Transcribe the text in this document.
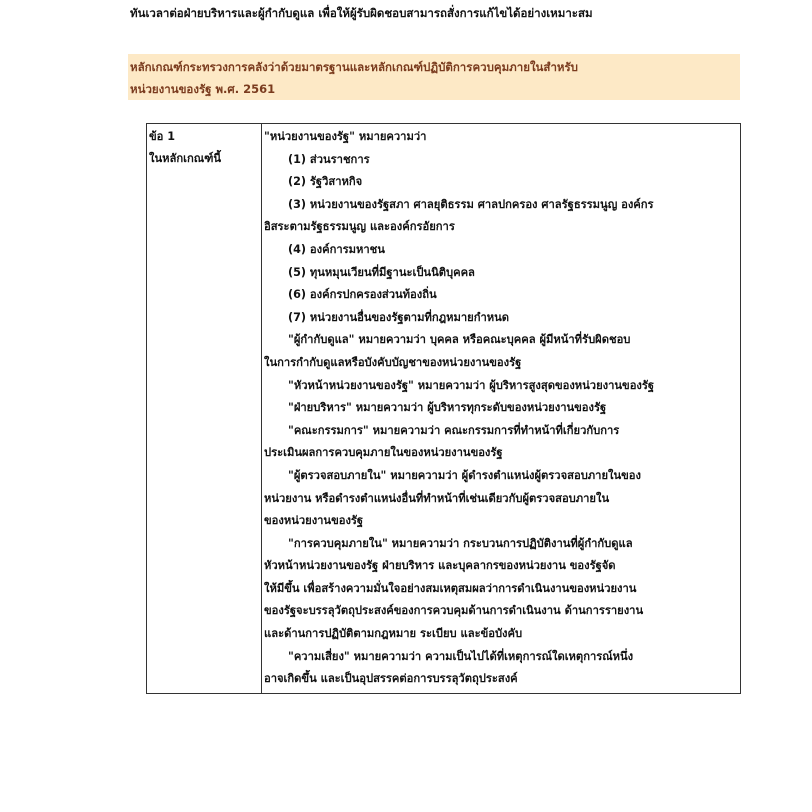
ทันเวลาต่อฝ่ายบริหารและผู้กำกับดูแล เพื่อให้ผู้รับผิดชอบสามารถสั่งการแก้ไขได้อย่างเหมาะสม
หลักเกณฑ์กระทรวงการคลังว่าด้วยมาตรฐานและหลักเกณฑ์ปฏิบัติการควบคุมภายในสำหรับ
หน่วยงานของรัฐ พ.ศ. 2561
ข้อ 1
ในหลักเกณฑ์นี้

"หน่วยงานของรัฐ" หมายความว่า
(1) ส่วนราชการ
(2) รัฐวิสาหกิจ
(3) หน่วยงานของรัฐสภา ศาลยุติธรรม ศาลปกครอง ศาลรัฐธรรมนูญ องค์กร
อิสระตามรัฐธรรมนูญ และองค์กรอัยการ
(4) องค์การมหาชน
(5) ทุนหมุนเวียนที่มีฐานะเป็นนิติบุคคล
(6) องค์กรปกครองส่วนท้องถิ่น
(7) หน่วยงานอื่นของรัฐตามที่กฎหมายกำหนด
"ผู้กำกับดูแล" หมายความว่า บุคคล หรือคณะบุคคล ผู้มีหน้าที่รับผิดชอบ
ในการกำกับดูแลหรือบังคับบัญชาของหน่วยงานของรัฐ
"หัวหน้าหน่วยงานของรัฐ" หมายความว่า ผู้บริหารสูงสุดของหน่วยงานของรัฐ
"ฝ่ายบริหาร" หมายความว่า ผู้บริหารทุกระดับของหน่วยงานของรัฐ
"คณะกรรมการ" หมายความว่า คณะกรรมการที่ทำหน้าที่เกี่ยวกับการ
ประเมินผลการควบคุมภายในของหน่วยงานของรัฐ
"ผู้ตรวจสอบภายใน" หมายความว่า ผู้ดำรงตำแหน่งผู้ตรวจสอบภายในของ
หน่วยงาน หรือดำรงตำแหน่งอื่นที่ทำหน้าที่เช่นเดียวกับผู้ตรวจสอบภายใน
ของหน่วยงานของรัฐ
"การควบคุมภายใน" หมายความว่า กระบวนการปฏิบัติงานที่ผู้กำกับดูแล
หัวหน้าหน่วยงานของรัฐ ฝ่ายบริหาร และบุคลากรของหน่วยงาน ของรัฐจัด
ให้มีขึ้น เพื่อสร้างความมั่นใจอย่างสมเหตุสมผลว่าการดำเนินงานของหน่วยงาน
ของรัฐจะบรรลุวัตถุประสงค์ของการควบคุมด้านการดำเนินงาน ด้านการรายงาน
และด้านการปฏิบัติตามกฎหมาย ระเบียบ และข้อบังคับ
"ความเสี่ยง" หมายความว่า ความเป็นไปได้ที่เหตุการณ์ใดเหตุการณ์หนึ่ง
อาจเกิดขึ้น และเป็นอุปสรรคต่อการบรรลุวัตถุประสงค์
